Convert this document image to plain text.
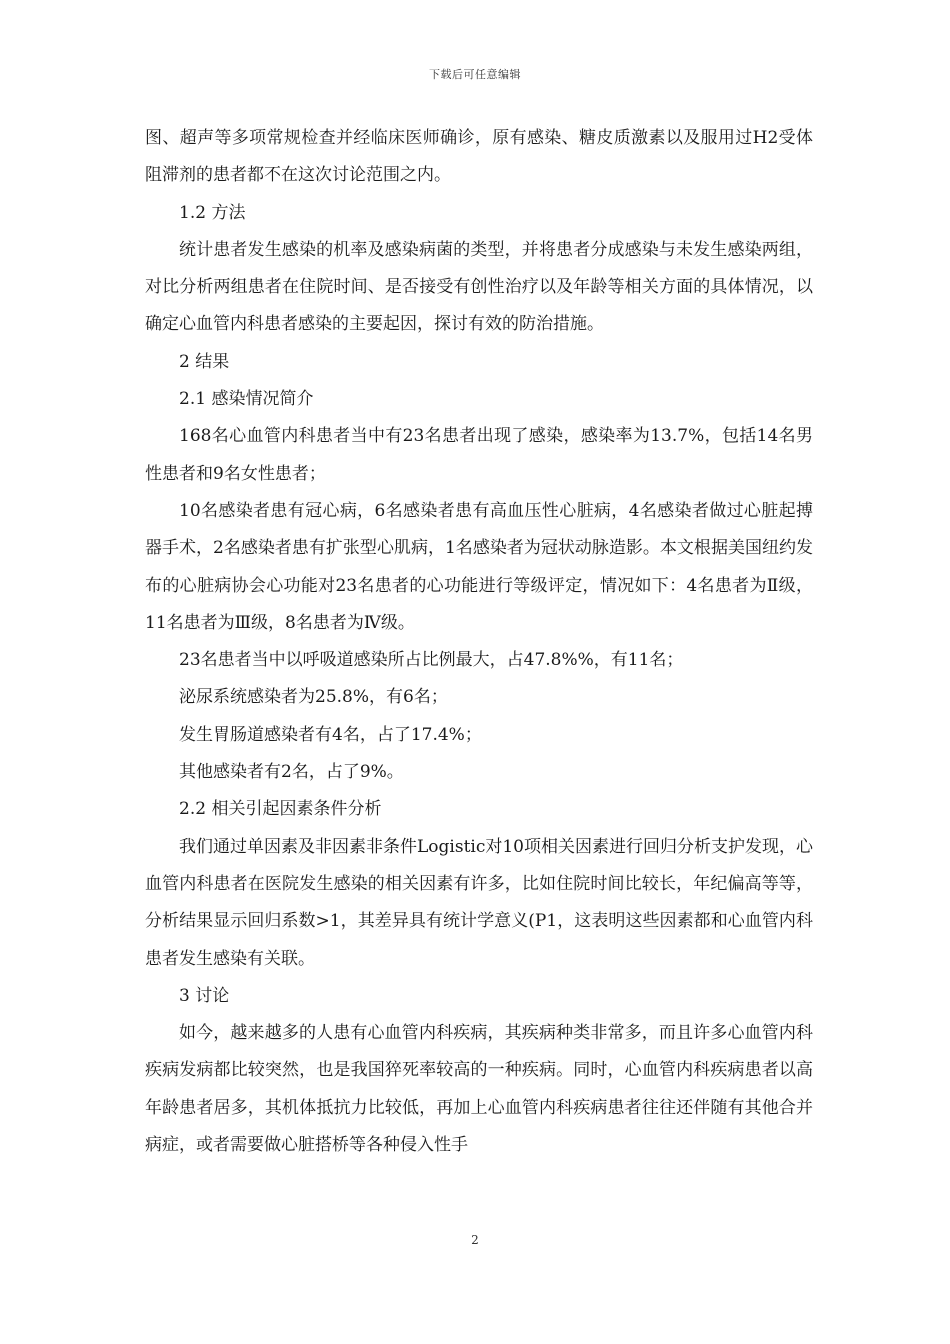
下载后可任意编辑

图、超声等多项常规检查并经临床医师确诊，原有感染、糖皮质激素以及服用过H2受体阻滞剂的患者都不在这次讨论范围之内。

1.2 方法

统计患者发生感染的机率及感染病菌的类型，并将患者分成感染与未发生感染两组，对比分析两组患者在住院时间、是否接受有创性治疗以及年龄等相关方面的具体情况，以确定心血管内科患者感染的主要起因，探讨有效的防治措施。

2 结果

2.1 感染情况简介

168名心血管内科患者当中有23名患者出现了感染，感染率为13.7%，包括14名男性患者和9名女性患者；

10名感染者患有冠心病，6名感染者患有高血压性心脏病，4名感染者做过心脏起搏器手术，2名感染者患有扩张型心肌病，1名感染者为冠状动脉造影。本文根据美国纽约发布的心脏病协会心功能对23名患者的心功能进行等级评定，情况如下：4名患者为Ⅱ级，11名患者为Ⅲ级，8名患者为Ⅳ级。

23名患者当中以呼吸道感染所占比例最大，占47.8%%，有11名；

泌尿系统感染者为25.8%，有6名；

发生胃肠道感染者有4名，占了17.4%；

其他感染者有2名，占了9%。

2.2 相关引起因素条件分析

我们通过单因素及非因素非条件Logistic对10项相关因素进行回归分析支护发现，心血管内科患者在医院发生感染的相关因素有许多，比如住院时间比较长，年纪偏高等等，分析结果显示回归系数>1，其差异具有统计学意义(P1，这表明这些因素都和心血管内科患者发生感染有关联。

3 讨论

如今，越来越多的人患有心血管内科疾病，其疾病种类非常多，而且许多心血管内科疾病发病都比较突然，也是我国猝死率较高的一种疾病。同时，心血管内科疾病患者以高年龄患者居多，其机体抵抗力比较低，再加上心血管内科疾病患者往往还伴随有其他合并病症，或者需要做心脏搭桥等各种侵入性手

2
